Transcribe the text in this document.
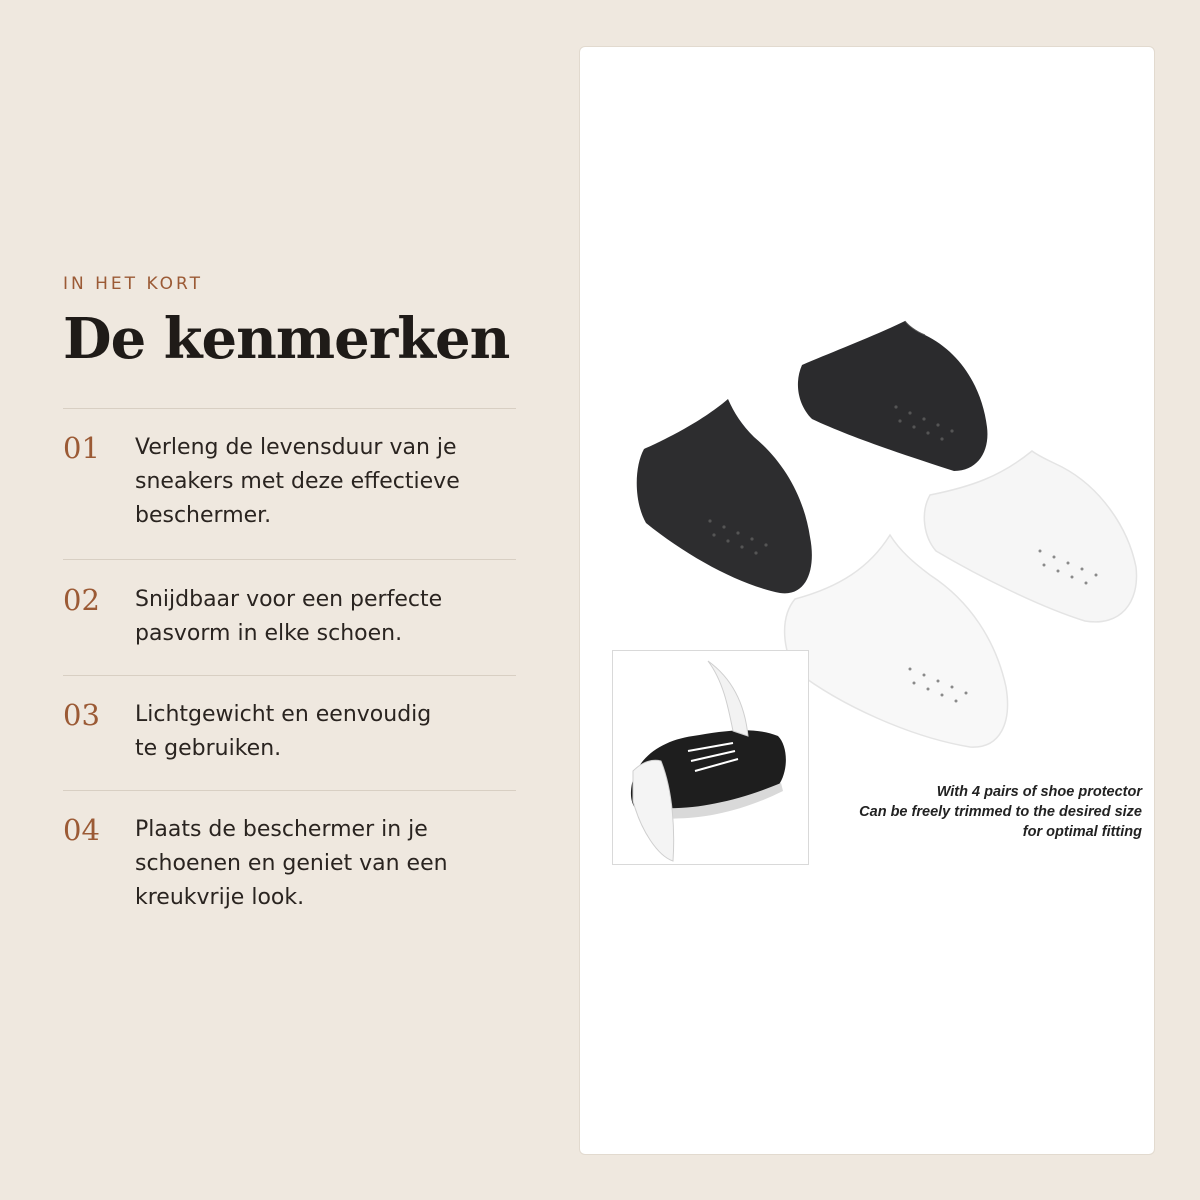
IN HET KORT

De kenmerken
01	Verleng de levensduur van je
sneakers met deze effectieve
beschermer.
02	Snijdbaar voor een perfecte
pasvorm in elke schoen.
03	Lichtgewicht en eenvoudig
te gebruiken.
04	Plaats de beschermer in je
schoenen en geniet van een
kreukvrije look.
With 4 pairs of shoe protector
Can be freely trimmed to the desired size
for optimal fitting
